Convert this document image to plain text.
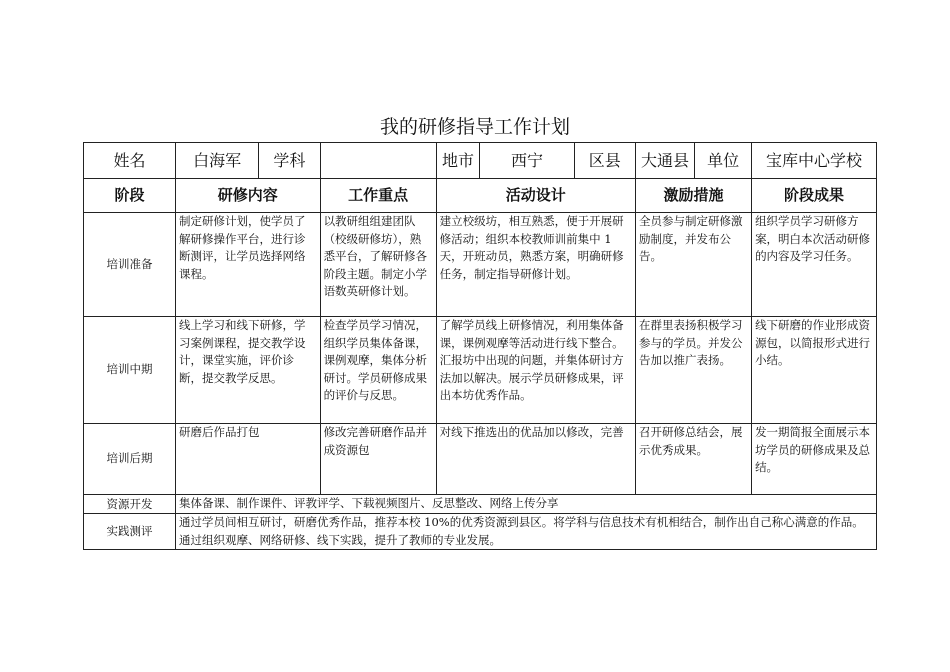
我的研修指导工作计划
姓名	白海军	学科		地市	西宁	区县	大通县	单位	宝库中心学校
阶段	研修内容		工作重点	活动设计			激励措施		阶段成果
培训准备	制定研修计划，使学员了解研修操作平台，进行诊断测评，让学员选择网络课程。		以教研组组建团队（校级研修坊），熟悉平台，了解研修各阶段主题。制定小学语数英研修计划。	建立校级坊，相互熟悉，便于开展研修活动；组织本校教师训前集中 1 天，开班动员，熟悉方案，明确研修任务，制定指导研修计划。			全员参与制定研修激励制度，并发布公告。		组织学员学习研修方案，明白本次活动研修的内容及学习任务。
培训中期	线上学习和线下研修，学习案例课程，提交教学设计，课堂实施，评价诊断，提交教学反思。		检查学员学习情况，组织学员集体备课，课例观摩，集体分析研讨。学员研修成果的评价与反思。	了解学员线上研修情况，利用集体备课，课例观摩等活动进行线下整合。汇报坊中出现的问题，并集体研讨方法加以解决。展示学员研修成果，评出本坊优秀作品。			在群里表扬积极学习参与的学员。并发公告加以推广表扬。		线下研磨的作业形成资源包，以简报形式进行小结。
培训后期	研磨后作品打包		修改完善研磨作品并成资源包	对线下推选出的优品加以修改，完善			召开研修总结会，展示优秀成果。		发一期简报全面展示本坊学员的研修成果及总结。
资源开发	集体备课、制作课件、评教评学、下载视频图片、反思整改、网络上传分享								
实践测评	通过学员间相互研讨，研磨优秀作品，推荐本校 10%的优秀资源到县区。将学科与信息技术有机相结合，制作出自己称心满意的作品。通过组织观摩、网络研修、线下实践，提升了教师的专业发展。								
